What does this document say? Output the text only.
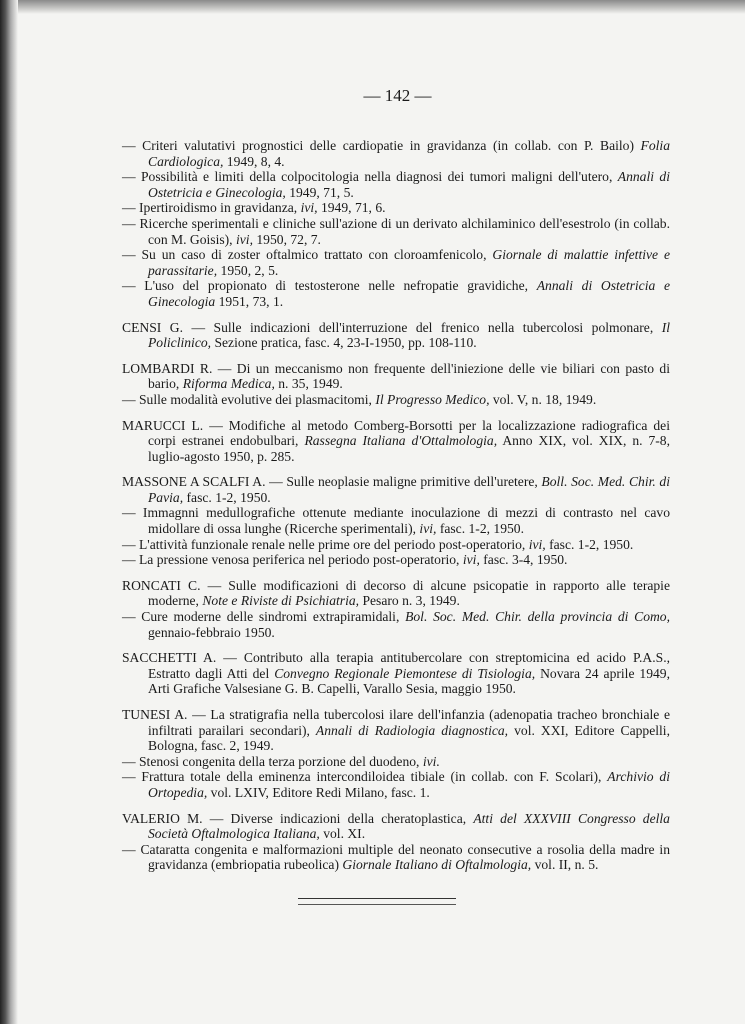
— 142 —
— Criteri valutativi prognostici delle cardiopatie in gravidanza (in collab. con P. Bailo) Folia Cardiologica, 1949, 8, 4.
— Possibilità e limiti della colpocitologia nella diagnosi dei tumori maligni dell'utero, Annali di Ostetricia e Ginecologia, 1949, 71, 5.
— Ipertiroidismo in gravidanza, ivi, 1949, 71, 6.
— Ricerche sperimentali e cliniche sull'azione di un derivato alchilaminico dell'esestrolo (in collab. con M. Goisis), ivi, 1950, 72, 7.
— Su un caso di zoster oftalmico trattato con cloroamfenicolo, Giornale di malattie infettive e parassitarie, 1950, 2, 5.
— L'uso del propionato di testosterone nelle nefropatie gravidiche, Annali di Ostetricia e Ginecologia 1951, 73, 1.
CENSI G. — Sulle indicazioni dell'interruzione del frenico nella tubercolosi polmonare, Il Policlinico, Sezione pratica, fasc. 4, 23-I-1950, pp. 108-110.
LOMBARDI R. — Di un meccanismo non frequente dell'iniezione delle vie biliari con pasto di bario, Riforma Medica, n. 35, 1949.
— Sulle modalità evolutive dei plasmacitomi, Il Progresso Medico, vol. V, n. 18, 1949.
MARUCCI L. — Modifiche al metodo Comberg-Borsotti per la localizzazione radiografica dei corpi estranei endobulbari, Rassegna Italiana d'Ottalmologia, Anno XIX, vol. XIX, n. 7-8, luglio-agosto 1950, p. 285.
MASSONE A SCALFI A. — Sulle neoplasie maligne primitive dell'uretere, Boll. Soc. Med. Chir. di Pavia, fasc. 1-2, 1950.
— Immagnni medullografiche ottenute mediante inoculazione di mezzi di contrasto nel cavo midollare di ossa lunghe (Ricerche sperimentali), ivi, fasc. 1-2, 1950.
— L'attività funzionale renale nelle prime ore del periodo post-operatorio, ivi, fasc. 1-2, 1950.
— La pressione venosa periferica nel periodo post-operatorio, ivi, fasc. 3-4, 1950.
RONCATI C. — Sulle modificazioni di decorso di alcune psicopatie in rapporto alle terapie moderne, Note e Riviste di Psichiatria, Pesaro n. 3, 1949.
— Cure moderne delle sindromi extrapiramidali, Bol. Soc. Med. Chir. della provincia di Como, gennaio-febbraio 1950.
SACCHETTI A. — Contributo alla terapia antitubercolare con streptomicina ed acido P.A.S., Estratto dagli Atti del Convegno Regionale Piemontese di Tisiologia, Novara 24 aprile 1949, Arti Grafiche Valsesiane G. B. Capelli, Varallo Sesia, maggio 1950.
TUNESI A. — La stratigrafia nella tubercolosi ilare dell'infanzia (adenopatia tracheo bronchiale e infiltrati parailari secondari), Annali di Radiologia diagnostica, vol. XXI, Editore Cappelli, Bologna, fasc. 2, 1949.
— Stenosi congenita della terza porzione del duodeno, ivi.
— Frattura totale della eminenza intercondiloidea tibiale (in collab. con F. Scolari), Archivio di Ortopedia, vol. LXIV, Editore Redi Milano, fasc. 1.
VALERIO M. — Diverse indicazioni della cheratoplastica, Atti del XXXVIII Congresso della Società Oftalmologica Italiana, vol. XI.
— Cataratta congenita e malformazioni multiple del neonato consecutive a rosolia della madre in gravidanza (embriopatia rubeolica) Giornale Italiano di Oftalmologia, vol. II, n. 5.
